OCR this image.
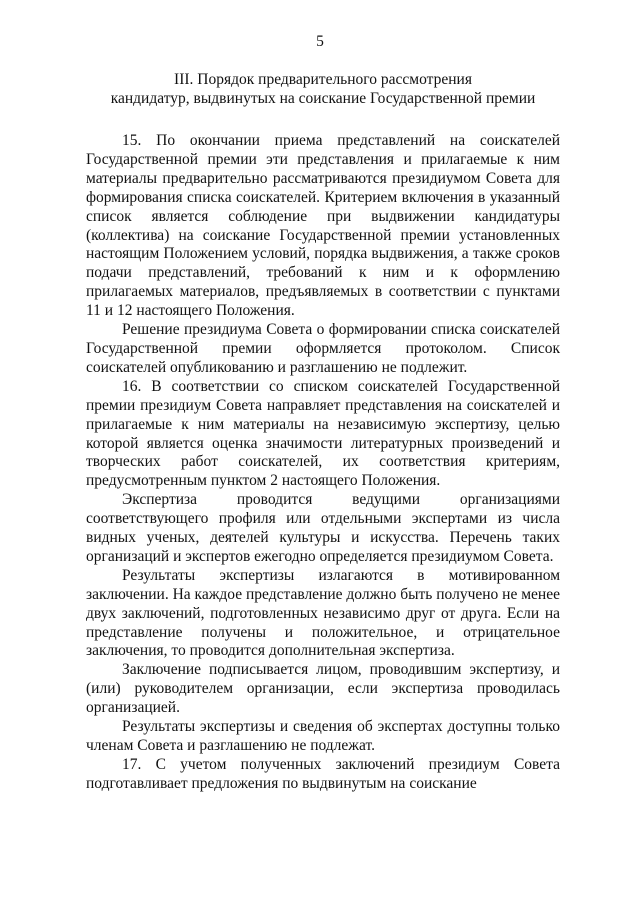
5
III. Порядок предварительного рассмотрения
кандидатур, выдвинутых на соискание Государственной премии

15. По окончании приема представлений на соискателей Государственной премии эти представления и прилагаемые к ним материалы предварительно рассматриваются президиумом Совета для формирования списка соискателей. Критерием включения в указанный список является соблюдение при выдвижении кандидатуры (коллектива) на соискание Государственной премии установленных настоящим Положением условий, порядка выдвижения, а также сроков подачи представлений, требований к ним и к оформлению прилагаемых материалов, предъявляемых в соответствии с пунктами 11 и 12 настоящего Положения.

Решение президиума Совета о формировании списка соискателей Государственной премии оформляется протоколом. Список соискателей опубликованию и разглашению не подлежит.

16. В соответствии со списком соискателей Государственной премии президиум Совета направляет представления на соискателей и прилагаемые к ним материалы на независимую экспертизу, целью которой является оценка значимости литературных произведений и творческих работ соискателей, их соответствия критериям, предусмотренным пунктом 2 настоящего Положения.

Экспертиза проводится ведущими организациями соответствующего профиля или отдельными экспертами из числа видных ученых, деятелей культуры и искусства. Перечень таких организаций и экспертов ежегодно определяется президиумом Совета.

Результаты экспертизы излагаются в мотивированном заключении. На каждое представление должно быть получено не менее двух заключений, подготовленных независимо друг от друга. Если на представление получены и положительное, и отрицательное заключения, то проводится дополнительная экспертиза.

Заключение подписывается лицом, проводившим экспертизу, и (или) руководителем организации, если экспертиза проводилась организацией.

Результаты экспертизы и сведения об экспертах доступны только членам Совета и разглашению не подлежат.

17. С учетом полученных заключений президиум Совета подготавливает предложения по выдвинутым на соискание
